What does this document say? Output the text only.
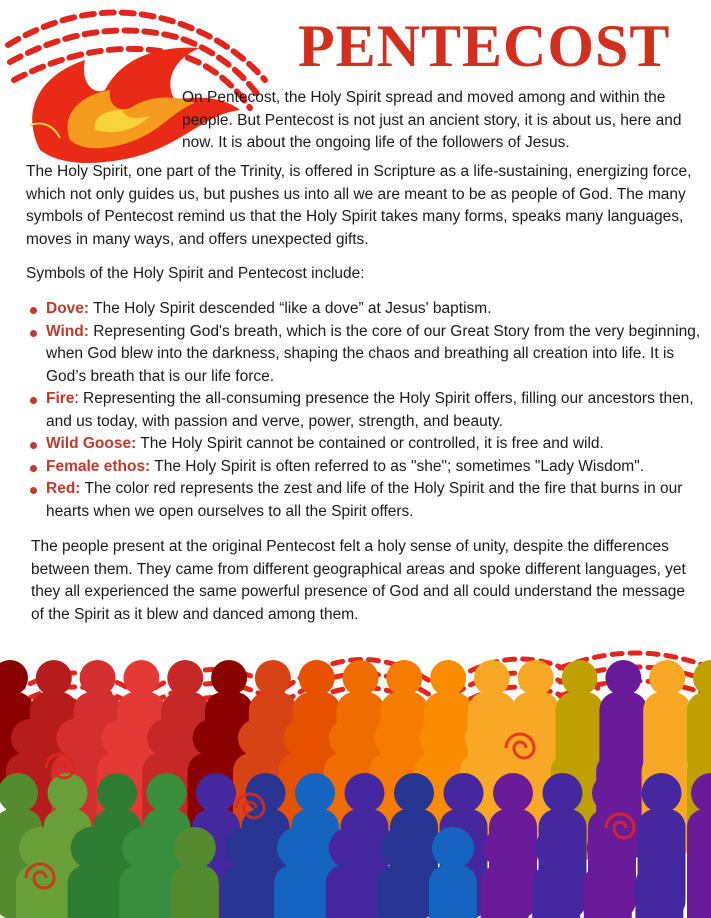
PENTECOST

On Pentecost, the Holy Spirit spread and moved among and within the people. But Pentecost is not just an ancient story, it is about us, here and now. It is about the ongoing life of the followers of Jesus.

The Holy Spirit, one part of the Trinity, is offered in Scripture as a life-sustaining, energizing force, which not only guides us, but pushes us into all we are meant to be as people of God. The many symbols of Pentecost remind us that the Holy Spirit takes many forms, speaks many languages, moves in many ways, and offers unexpected gifts.

Symbols of the Holy Spirit and Pentecost include:

Dove: The Holy Spirit descended “like a dove” at Jesus' baptism.
Wind: Representing God's breath, which is the core of our Great Story from the very beginning, when God blew into the darkness, shaping the chaos and breathing all creation into life. It is God’s breath that is our life force.
Fire: Representing the all-consuming presence the Holy Spirit offers, filling our ancestors then, and us today, with passion and verve, power, strength, and beauty.
Wild Goose: The Holy Spirit cannot be contained or controlled, it is free and wild.
Female ethos: The Holy Spirit is often referred to as "she"; sometimes "Lady Wisdom".
Red: The color red represents the zest and life of the Holy Spirit and the fire that burns in our hearts when we open ourselves to all the Spirit offers.

The people present at the original Pentecost felt a holy sense of unity, despite the differences between them. They came from different geographical areas and spoke different languages, yet they all experienced the same powerful presence of God and all could understand the message of the Spirit as it blew and danced among them.
